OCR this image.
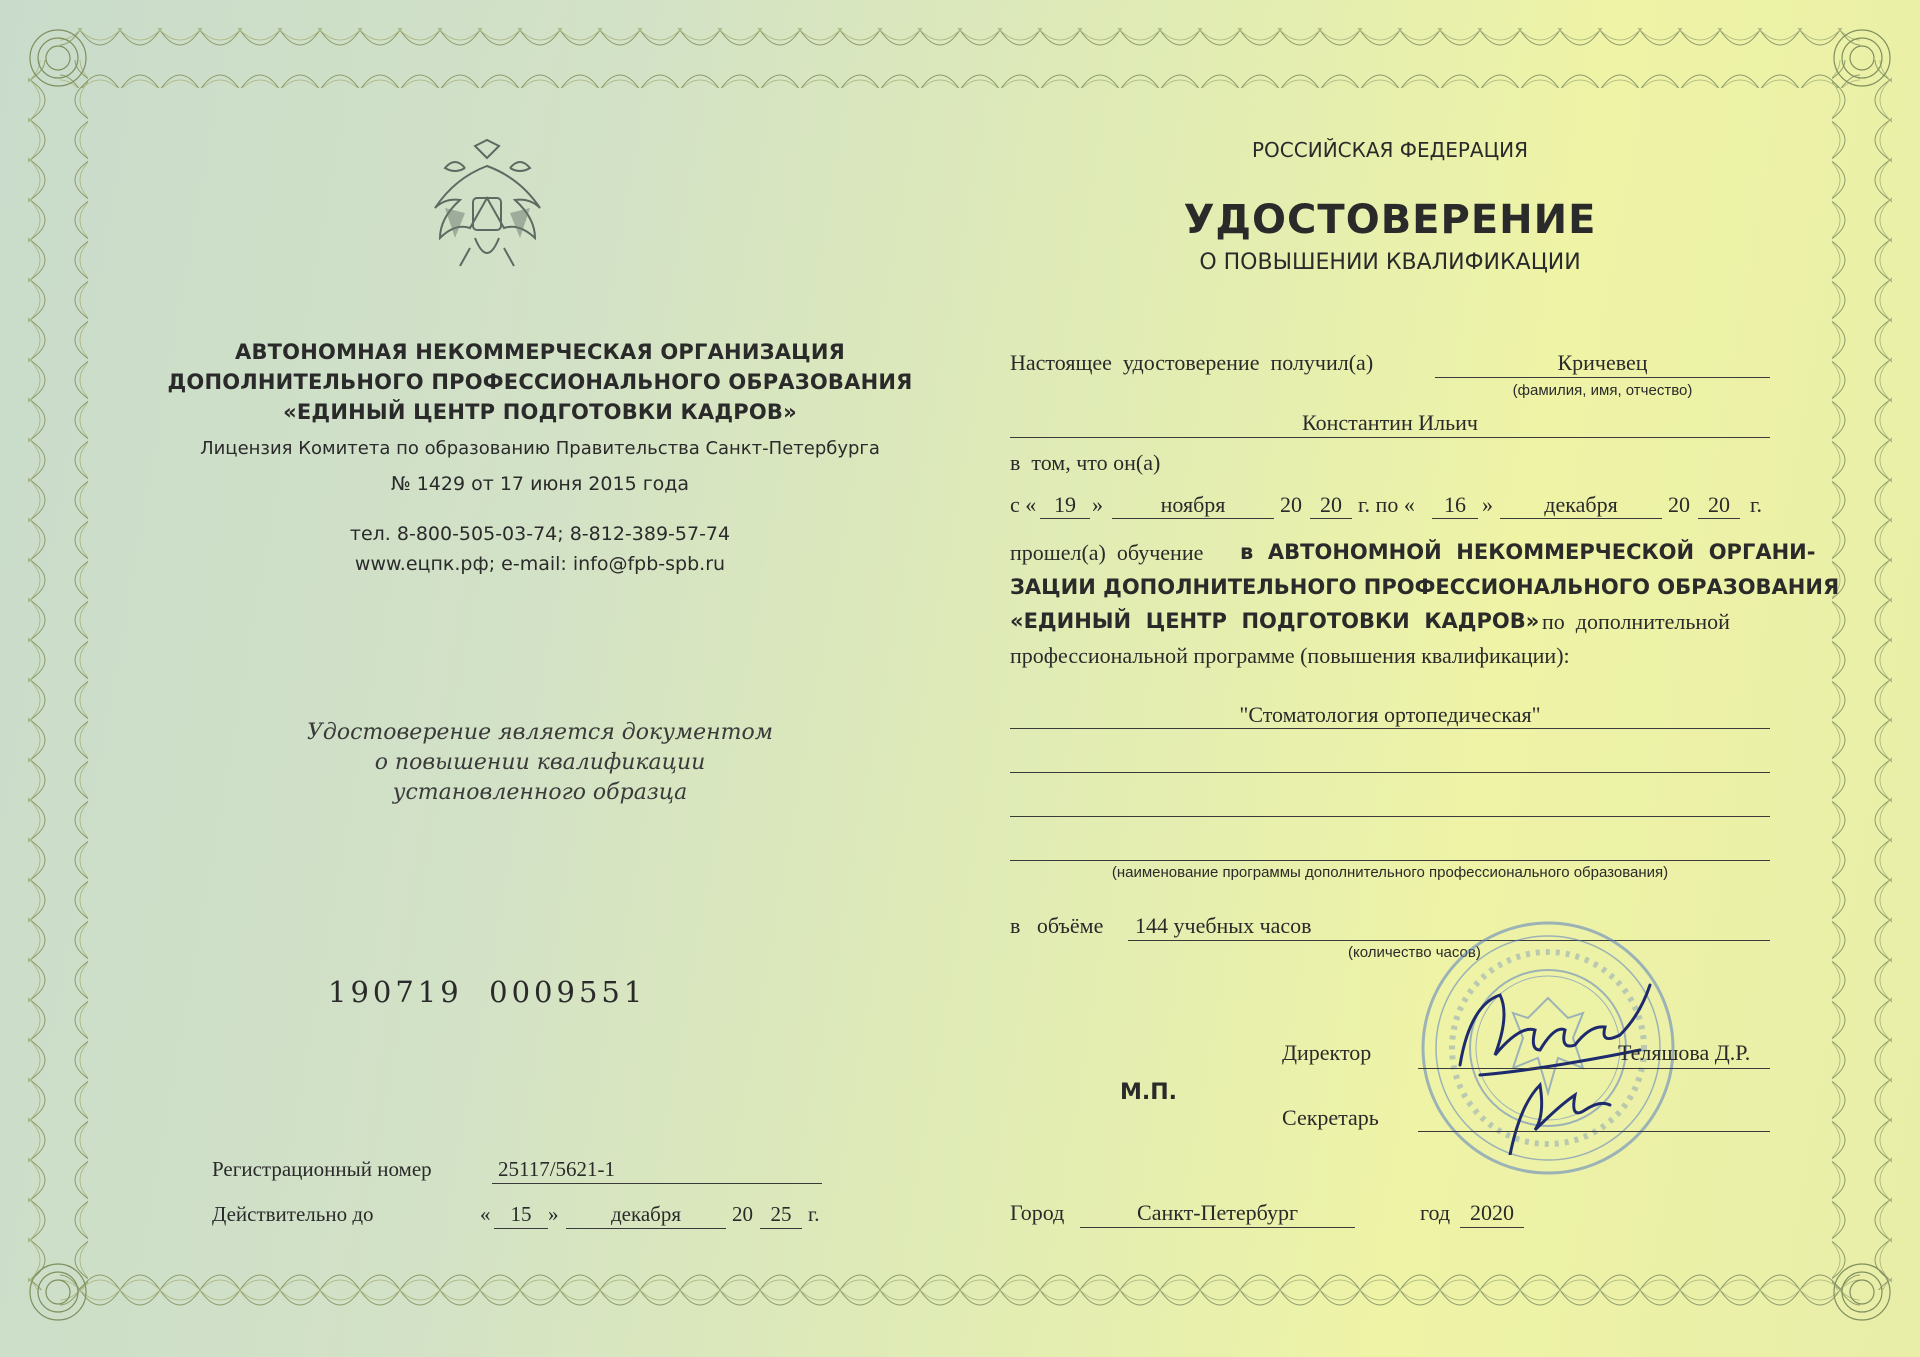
АВТОНОМНАЯ НЕКОММЕРЧЕСКАЯ ОРГАНИЗАЦИЯ
ДОПОЛНИТЕЛЬНОГО ПРОФЕССИОНАЛЬНОГО ОБРАЗОВАНИЯ
«ЕДИНЫЙ ЦЕНТР ПОДГОТОВКИ КАДРОВ»
Лицензия Комитета по образованию Правительства Санкт-Петербурга
№ 1429 от 17 июня 2015 года
тел. 8-800-505-03-74; 8-812-389-57-74
www.ецпк.рф; e-mail: info@fpb-spb.ru
Удостоверение является документом
о повышении квалификации
установленного образца
190719  0009551
Регистрационный номер	25117/5621-1
Действительно до	« 15 »	декабря	20 25 г.
РОССИЙСКАЯ ФЕДЕРАЦИЯ
УДОСТОВЕРЕНИЕ
О ПОВЫШЕНИИ КВАЛИФИКАЦИИ
Настоящее  удостоверение  получил(а)	Кричевец
(фамилия, имя, отчество)
Константин Ильич
в  том, что он(а)
с « 19 »	ноября	20 20 г. по «	16 »	декабря	20 20 г.
прошел(а)  обучение в  АВТОНОМНОЙ  НЕКОММЕРЧЕСКОЙ  ОРГАНИ-
ЗАЦИИ ДОПОЛНИТЕЛЬНОГО ПРОФЕССИОНАЛЬНОГО ОБРАЗОВАНИЯ
«ЕДИНЫЙ  ЦЕНТР  ПОДГОТОВКИ  КАДРОВ» по  дополнительной
профессиональной программе (повышения квалификации):
"Стоматология ортопедическая"
(наименование программы дополнительного профессионального образования)
в   объёме 144 учебных часов
(количество часов)
Директор	Теляшова Д.Р.
М.П.
Секретарь
Город	Санкт-Петербург	год 2020
